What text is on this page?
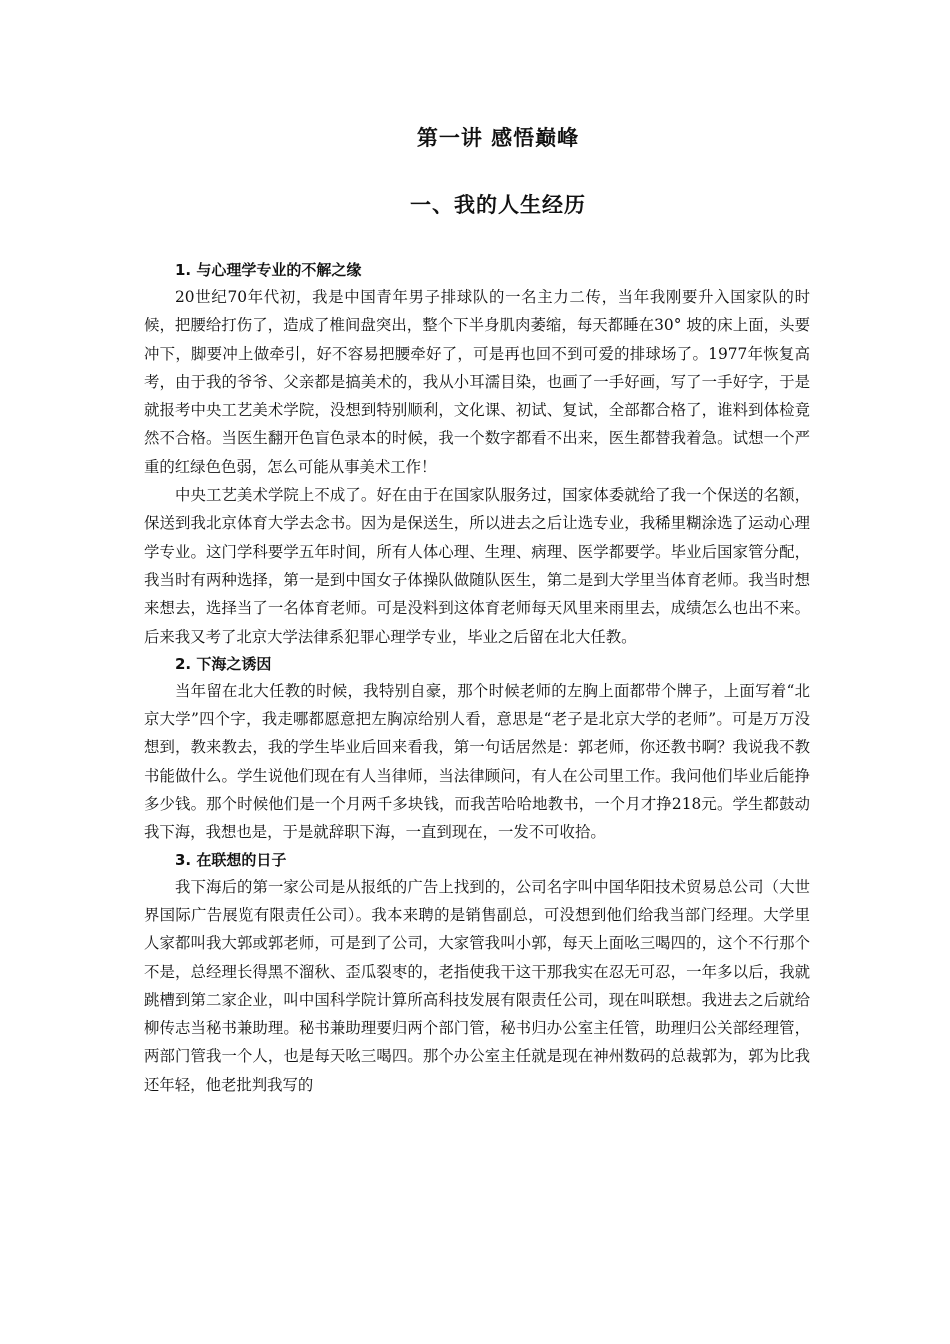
第一讲 感悟巅峰
一、我的人生经历

1. 与心理学专业的不解之缘

20世纪70年代初，我是中国青年男子排球队的一名主力二传，当年我刚要升入国家队的时候，把腰给打伤了，造成了椎间盘突出，整个下半身肌肉萎缩，每天都睡在30° 坡的床上面，头要冲下，脚要冲上做牵引，好不容易把腰牵好了，可是再也回不到可爱的排球场了。1977年恢复高考，由于我的爷爷、父亲都是搞美术的，我从小耳濡目染，也画了一手好画，写了一手好字，于是就报考中央工艺美术学院，没想到特别顺利，文化课、初试、复试，全部都合格了，谁料到体检竟然不合格。当医生翻开色盲色录本的时候，我一个数字都看不出来，医生都替我着急。试想一个严重的红绿色色弱，怎么可能从事美术工作！

中央工艺美术学院上不成了。好在由于在国家队服务过，国家体委就给了我一个保送的名额，保送到我北京体育大学去念书。因为是保送生，所以进去之后让选专业，我稀里糊涂选了运动心理学专业。这门学科要学五年时间，所有人体心理、生理、病理、医学都要学。毕业后国家管分配，我当时有两种选择，第一是到中国女子体操队做随队医生，第二是到大学里当体育老师。我当时想来想去，选择当了一名体育老师。可是没料到这体育老师每天风里来雨里去，成绩怎么也出不来。后来我又考了北京大学法律系犯罪心理学专业，毕业之后留在北大任教。

2. 下海之诱因

当年留在北大任教的时候，我特别自豪，那个时候老师的左胸上面都带个牌子，上面写着“北京大学”四个字，我走哪都愿意把左胸凉给别人看，意思是“老子是北京大学的老师”。可是万万没想到，教来教去，我的学生毕业后回来看我，第一句话居然是：郭老师，你还教书啊？我说我不教书能做什么。学生说他们现在有人当律师，当法律顾问，有人在公司里工作。我问他们毕业后能挣多少钱。那个时候他们是一个月两千多块钱，而我苦哈哈地教书，一个月才挣218元。学生都鼓动我下海，我想也是，于是就辞职下海，一直到现在，一发不可收拾。

3. 在联想的日子

我下海后的第一家公司是从报纸的广告上找到的，公司名字叫中国华阳技术贸易总公司（大世界国际广告展览有限责任公司）。我本来聘的是销售副总，可没想到他们给我当部门经理。大学里人家都叫我大郭或郭老师，可是到了公司，大家管我叫小郭，每天上面吆三喝四的，这个不行那个不是，总经理长得黑不溜秋、歪瓜裂枣的，老指使我干这干那我实在忍无可忍，一年多以后，我就跳槽到第二家企业，叫中国科学院计算所高科技发展有限责任公司，现在叫联想。我进去之后就给柳传志当秘书兼助理。秘书兼助理要归两个部门管，秘书归办公室主任管，助理归公关部经理管，两部门管我一个人，也是每天吆三喝四。那个办公室主任就是现在神州数码的总裁郭为，郭为比我还年轻，他老批判我写的
